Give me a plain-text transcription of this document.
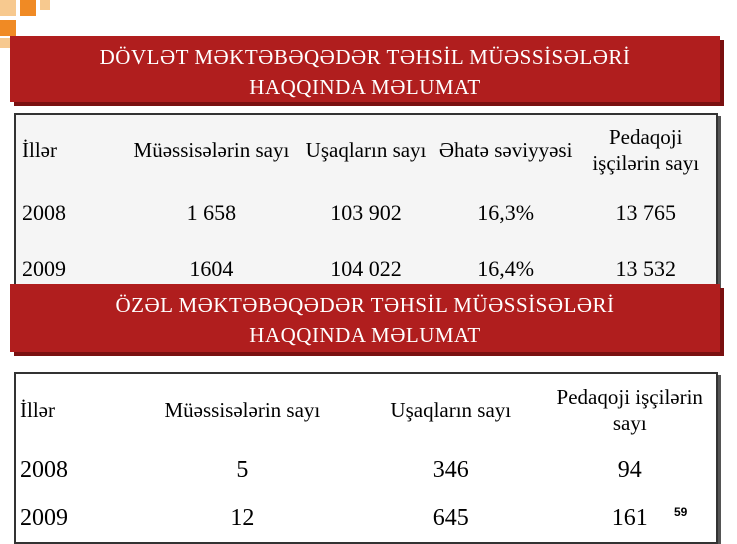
DÖVLƏT MƏKTƏBƏQƏDƏR TƏHSİL MÜƏSSİSƏLƏRİ
HAQQINDA MƏLUMAT
İllər	Müəssisələrin sayı	Uşaqların sayı	Əhatə səviyyəsi	Pedaqoji işçilərin sayı
2008	1 658	103 902	16,3%	13 765
2009	1604	104 022	16,4%	13 532
ÖZƏL MƏKTƏBƏQƏDƏR TƏHSİL MÜƏSSİSƏLƏRİ
HAQQINDA MƏLUMAT
İllər	Müəssisələrin sayı	Uşaqların sayı	Pedaqoji işçilərin sayı
2008	5	346	94
2009	12	645	161 59
